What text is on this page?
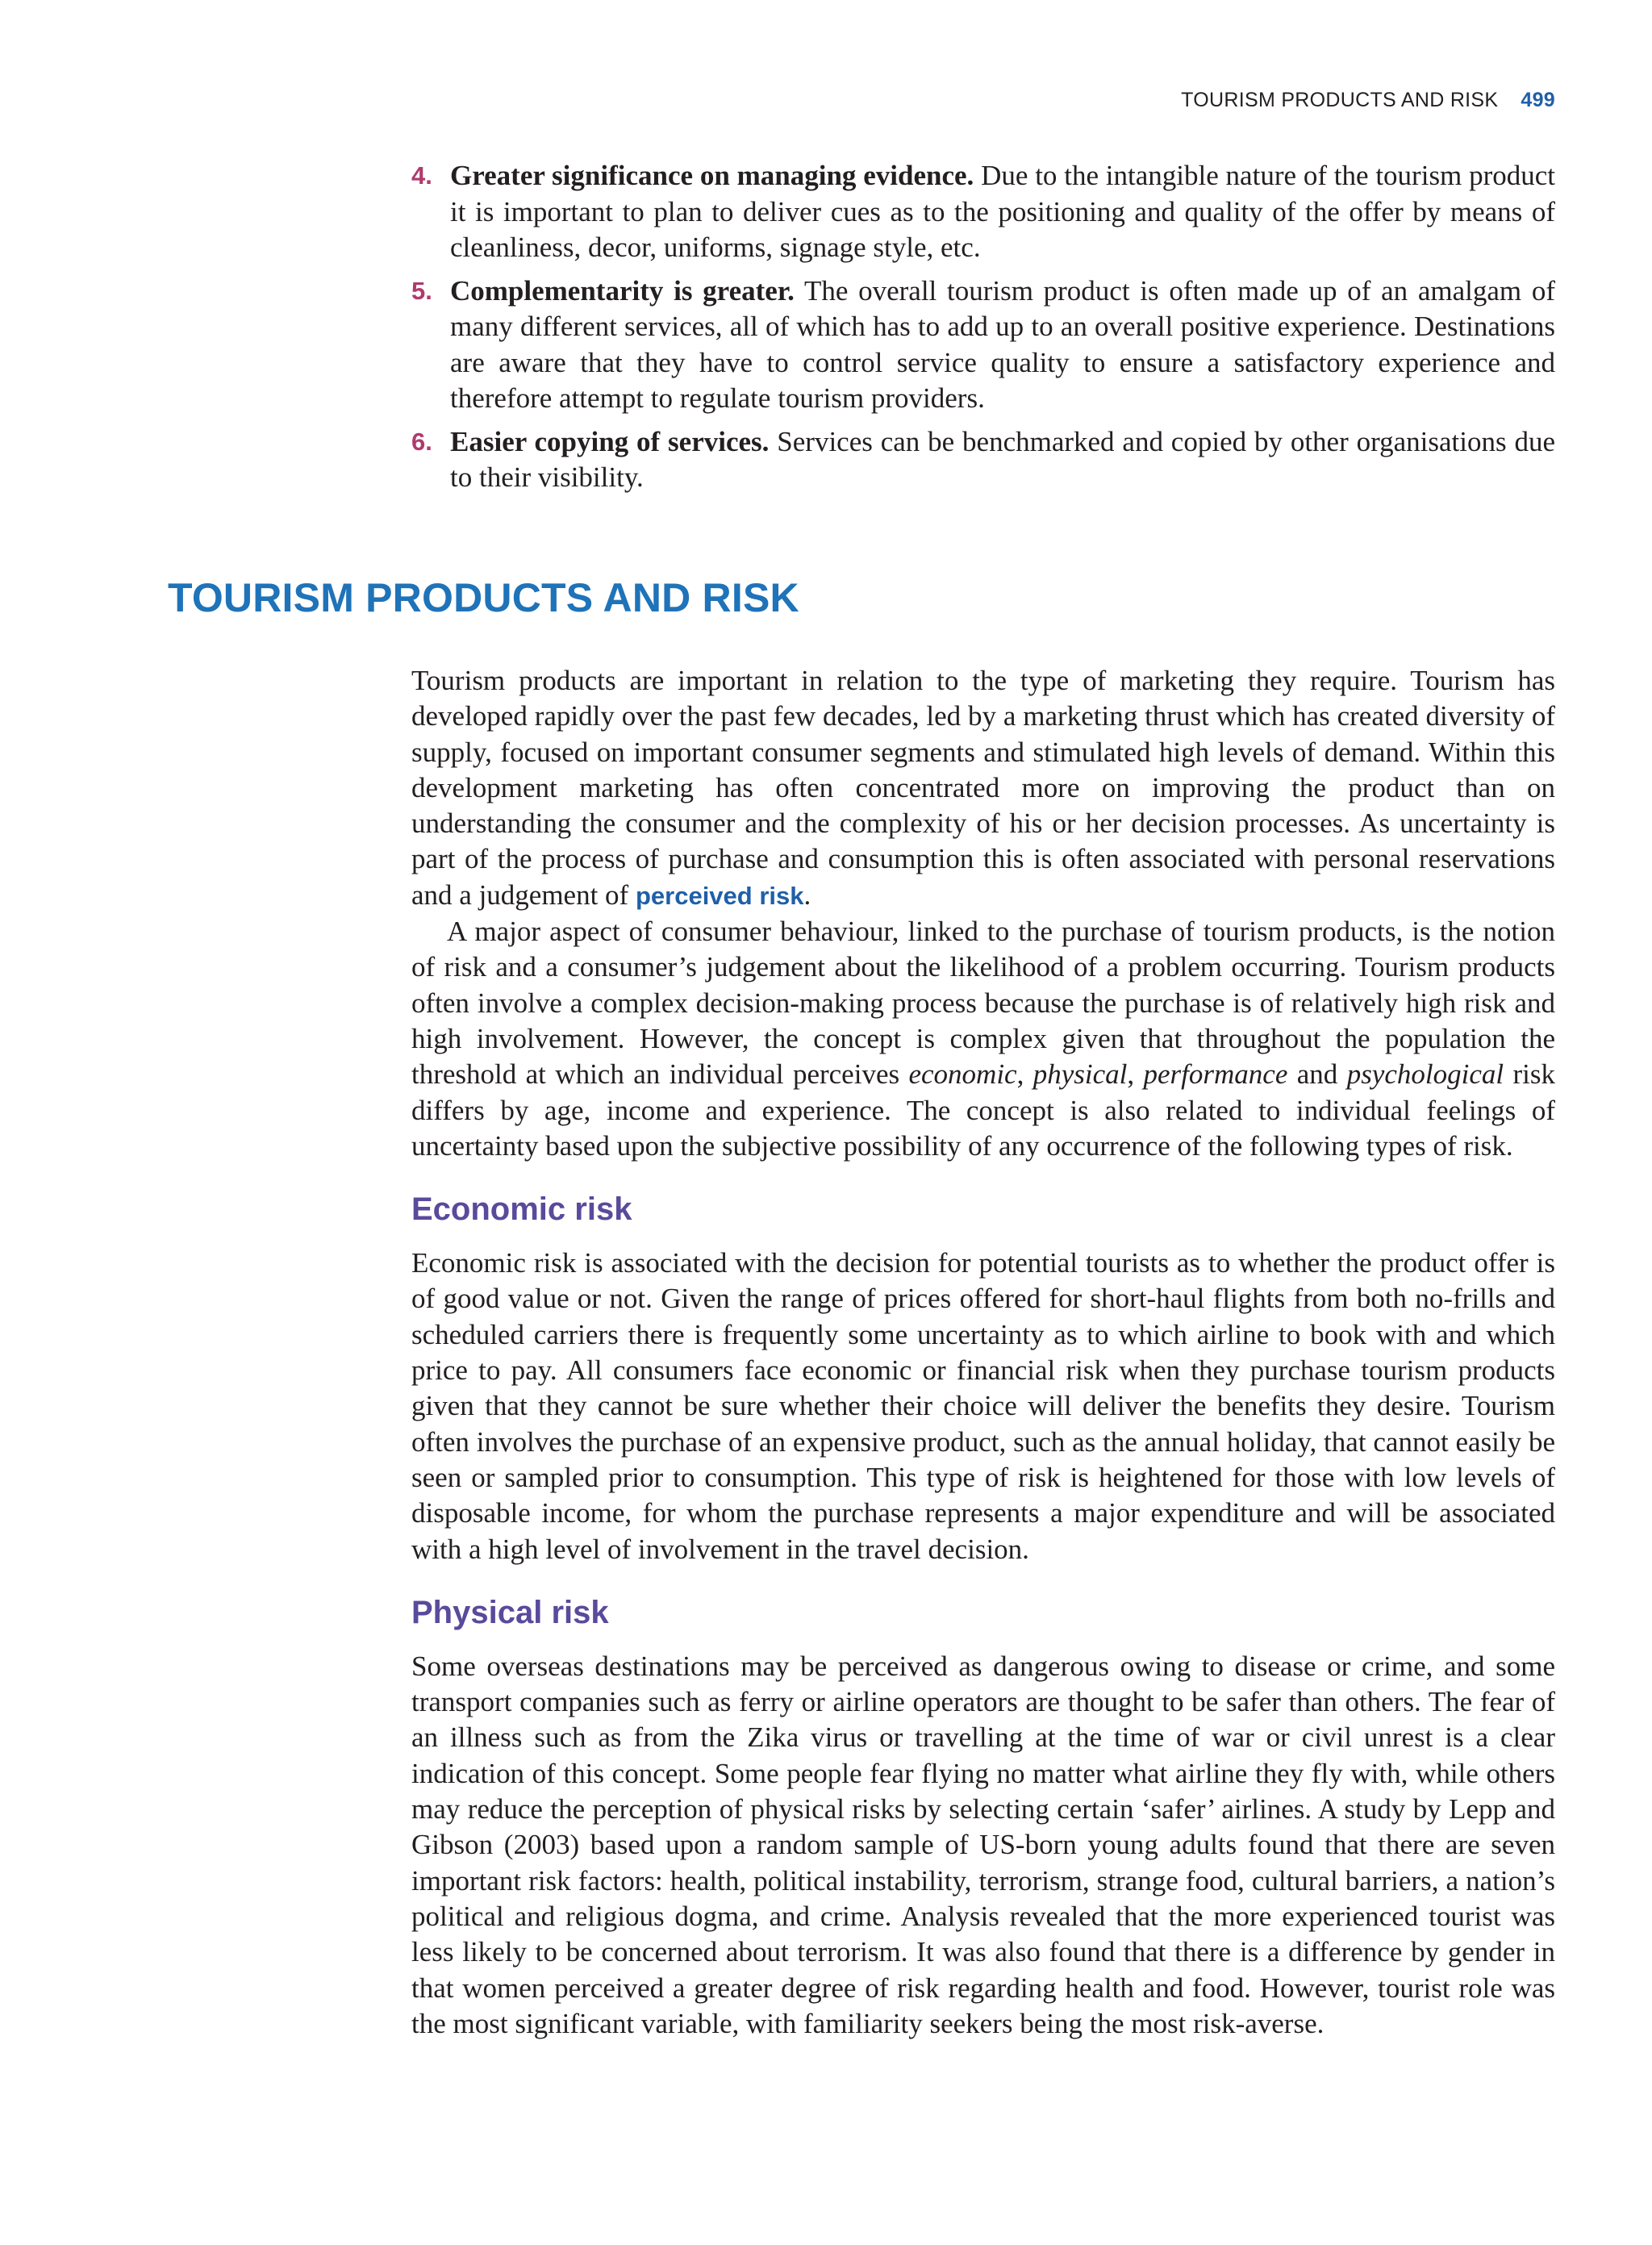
TOURISM PRODUCTS AND RISK 499
4. Greater significance on managing evidence. Due to the intangible nature of the tourism product it is important to plan to deliver cues as to the positioning and quality of the offer by means of cleanliness, decor, uniforms, signage style, etc.
5. Complementarity is greater. The overall tourism product is often made up of an amalgam of many different services, all of which has to add up to an overall positive experience. Destinations are aware that they have to control service quality to ensure a satisfactory experience and therefore attempt to regulate tourism providers.
6. Easier copying of services. Services can be benchmarked and copied by other organisations due to their visibility.
TOURISM PRODUCTS AND RISK

Tourism products are important in relation to the type of marketing they require. Tourism has developed rapidly over the past few decades, led by a marketing thrust which has created diversity of supply, focused on important consumer segments and stimulated high levels of demand. Within this development marketing has often concentrated more on improving the product than on understanding the consumer and the complexity of his or her decision processes. As uncertainty is part of the process of purchase and consumption this is often associated with personal reservations and a judgement of perceived risk.

A major aspect of consumer behaviour, linked to the purchase of tourism products, is the notion of risk and a consumer’s judgement about the likelihood of a problem occurring. Tourism products often involve a complex decision-making process because the purchase is of relatively high risk and high involvement. However, the concept is complex given that throughout the population the threshold at which an individual perceives economic, physical, performance and psychological risk differs by age, income and experience. The concept is also related to individual feelings of uncertainty based upon the subjective possibility of any occurrence of the following types of risk.

Economic risk

Economic risk is associated with the decision for potential tourists as to whether the product offer is of good value or not. Given the range of prices offered for short-haul flights from both no-frills and scheduled carriers there is frequently some uncertainty as to which airline to book with and which price to pay. All consumers face economic or financial risk when they purchase tourism products given that they cannot be sure whether their choice will deliver the benefits they desire. Tourism often involves the purchase of an expensive product, such as the annual holiday, that cannot easily be seen or sampled prior to consumption. This type of risk is heightened for those with low levels of disposable income, for whom the purchase represents a major expenditure and will be associated with a high level of involvement in the travel decision.

Physical risk

Some overseas destinations may be perceived as dangerous owing to disease or crime, and some transport companies such as ferry or airline operators are thought to be safer than others. The fear of an illness such as from the Zika virus or travelling at the time of war or civil unrest is a clear indication of this concept. Some people fear flying no matter what airline they fly with, while others may reduce the perception of physical risks by selecting certain ‘safer’ airlines. A study by Lepp and Gibson (2003) based upon a random sample of US-born young adults found that there are seven important risk factors: health, political instability, terrorism, strange food, cultural barriers, a nation’s political and religious dogma, and crime. Analysis revealed that the more experienced tourist was less likely to be concerned about terrorism. It was also found that there is a difference by gender in that women perceived a greater degree of risk regarding health and food. However, tourist role was the most significant variable, with familiarity seekers being the most risk-averse.
